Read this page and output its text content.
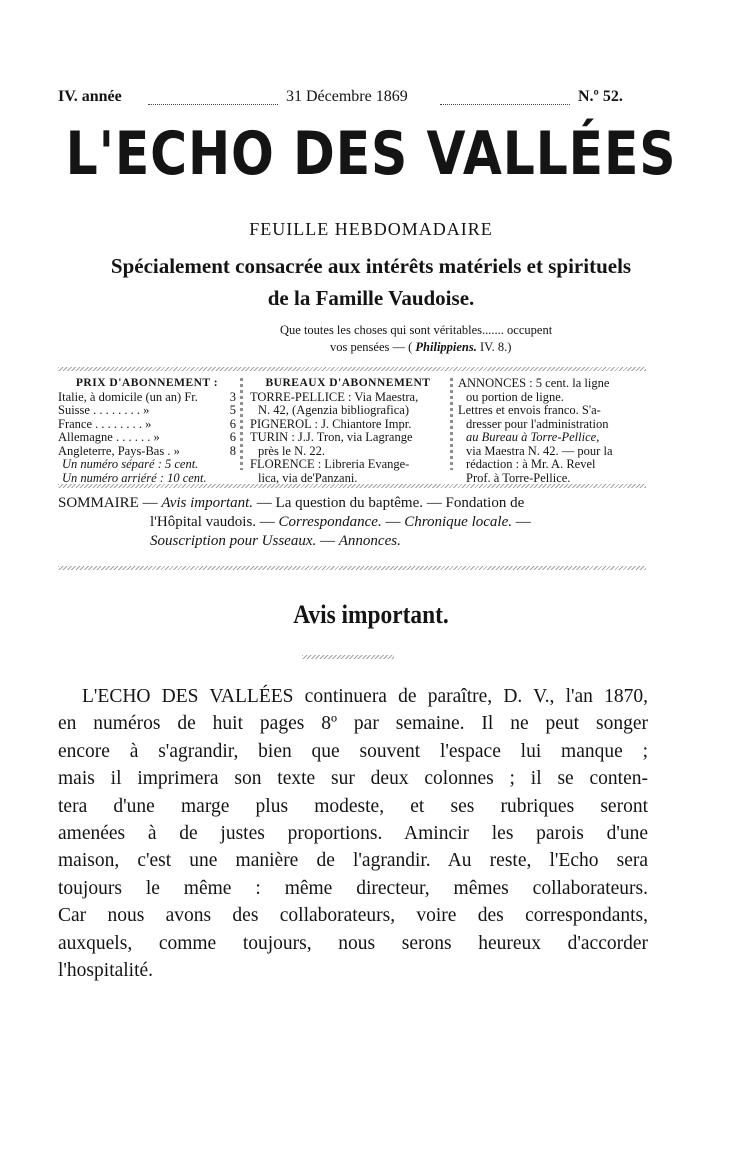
IV. année	31 Décembre 1869	N.º 52.
L'ECHO DES VALLÉES
FEUILLE HEBDOMADAIRE
Spécialement consacrée aux intérêts matériels et spirituels
de la Famille Vaudoise.
Que toutes les choses qui sont véritables....... occupent
vos pensées — ( Philippiens. IV. 8.)
PRIX D'ABONNEMENT :
Italie, à domicile (un an) Fr.	3
Suisse . . . . . . . . »	5
France . . . . . . . . »	6
Allemagne . . . . . . »	6
Angleterre, Pays-Bas . »	8
Un numéro séparé : 5 cent.
Un numéro arriéré : 10 cent.
BUREAUX D'ABONNEMENT
TORRE-PELLICE : Via Maestra,
N. 42, (Agenzia bibliografica)
PIGNEROL : J. Chiantore Impr.
TURIN : J.J. Tron, via Lagrange
près le N. 22.
FLORENCE : Libreria Evange-
lica, via de'Panzani.
ANNONCES : 5 cent. la ligne
ou portion de ligne.
Lettres et envois franco. S'a-
dresser pour l'administration
au Bureau à Torre-Pellice,
via Maestra N. 42. — pour la
rédaction : à Mr. A. Revel
Prof. à Torre-Pellice.
SOMMAIRE — Avis important. — La question du baptême. — Fondation de
l'Hôpital vaudois. — Correspondance. — Chronique locale. —
Souscription pour Usseaux. — Annonces.
Avis important.
L'ECHO DES VALLÉES continuera de paraître, D. V., l'an 1870,
en numéros de huit pages 8º par semaine. Il ne peut songer
encore à s'agrandir, bien que souvent l'espace lui manque ;
mais il imprimera son texte sur deux colonnes ; il se conten-
tera d'une marge plus modeste, et ses rubriques seront
amenées à de justes proportions. Amincir les parois d'une
maison, c'est une manière de l'agrandir. Au reste, l'Echo sera
toujours le même : même directeur, mêmes collaborateurs.
Car nous avons des collaborateurs, voire des correspondants,
auxquels, comme toujours, nous serons heureux d'accorder
l'hospitalité.
